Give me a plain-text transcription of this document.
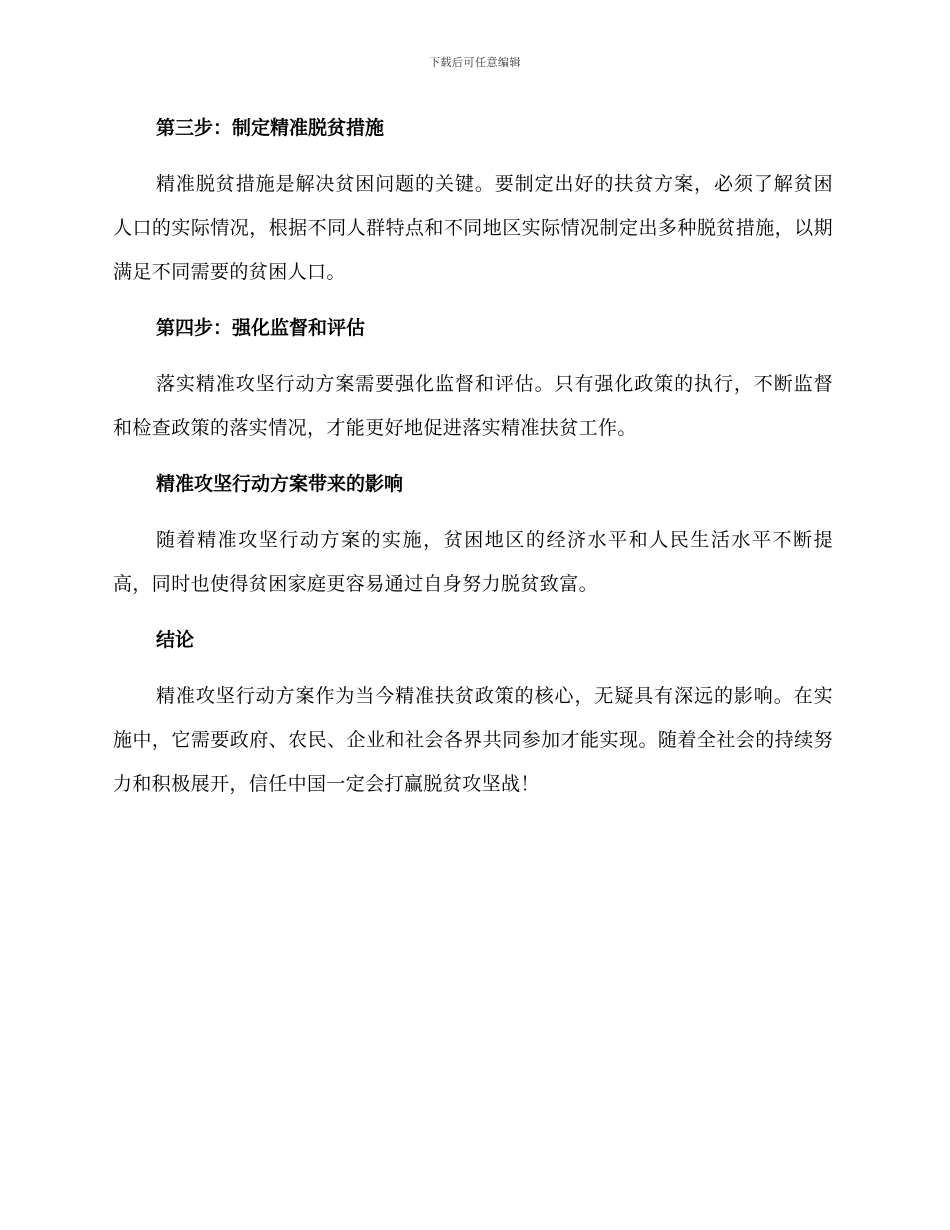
下载后可任意编辑
第三步：制定精准脱贫措施

精准脱贫措施是解决贫困问题的关键。要制定出好的扶贫方案，必须了解贫困人口的实际情况，根据不同人群特点和不同地区实际情况制定出多种脱贫措施，以期满足不同需要的贫困人口。

第四步：强化监督和评估

落实精准攻坚行动方案需要强化监督和评估。只有强化政策的执行，不断监督和检查政策的落实情况，才能更好地促进落实精准扶贫工作。

精准攻坚行动方案带来的影响

随着精准攻坚行动方案的实施，贫困地区的经济水平和人民生活水平不断提高，同时也使得贫困家庭更容易通过自身努力脱贫致富。

结论

精准攻坚行动方案作为当今精准扶贫政策的核心，无疑具有深远的影响。在实施中，它需要政府、农民、企业和社会各界共同参加才能实现。随着全社会的持续努力和积极展开，信任中国一定会打赢脱贫攻坚战！
